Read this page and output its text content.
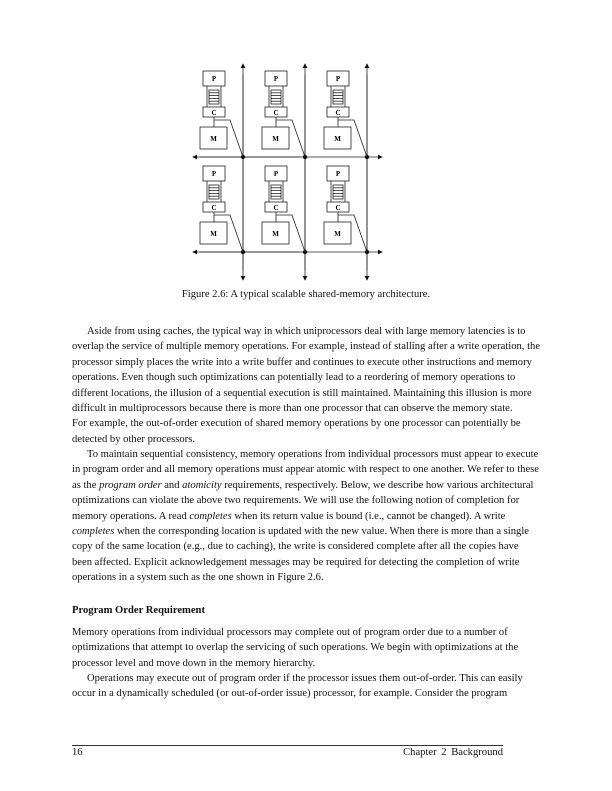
P
C
M
P
C
M
P
C
M
P
C
M
P
C
M
P
C
M
Figure 2.6: A typical scalable shared-memory architecture.
Aside from using caches, the typical way in which uniprocessors deal with large memory latencies is to
overlap the service of multiple memory operations. For example, instead of stalling after a write operation, the
processor simply places the write into a write buffer and continues to execute other instructions and memory
operations. Even though such optimizations can potentially lead to a reordering of memory operations to
different locations, the illusion of a sequential execution is still maintained. Maintaining this illusion is more
difficult in multiprocessors because there is more than one processor that can observe the memory state.
For example, the out-of-order execution of shared memory operations by one processor can potentially be
detected by other processors.
To maintain sequential consistency, memory operations from individual processors must appear to execute
in program order and all memory operations must appear atomic with respect to one another. We refer to these
as the program order and atomicity requirements, respectively. Below, we describe how various architectural
optimizations can violate the above two requirements. We will use the following notion of completion for
memory operations. A read completes when its return value is bound (i.e., cannot be changed). A write
completes when the corresponding location is updated with the new value. When there is more than a single
copy of the same location (e.g., due to caching), the write is considered complete after all the copies have
been affected. Explicit acknowledgement messages may be required for detecting the completion of write
operations in a system such as the one shown in Figure 2.6.
Program Order Requirement
Memory operations from individual processors may complete out of program order due to a number of
optimizations that attempt to overlap the servicing of such operations. We begin with optimizations at the
processor level and move down in the memory hierarchy.
Operations may execute out of program order if the processor issues them out-of-order. This can easily
occur in a dynamically scheduled (or out-of-order issue) processor, for example. Consider the program
16	Chapter 2 Background
